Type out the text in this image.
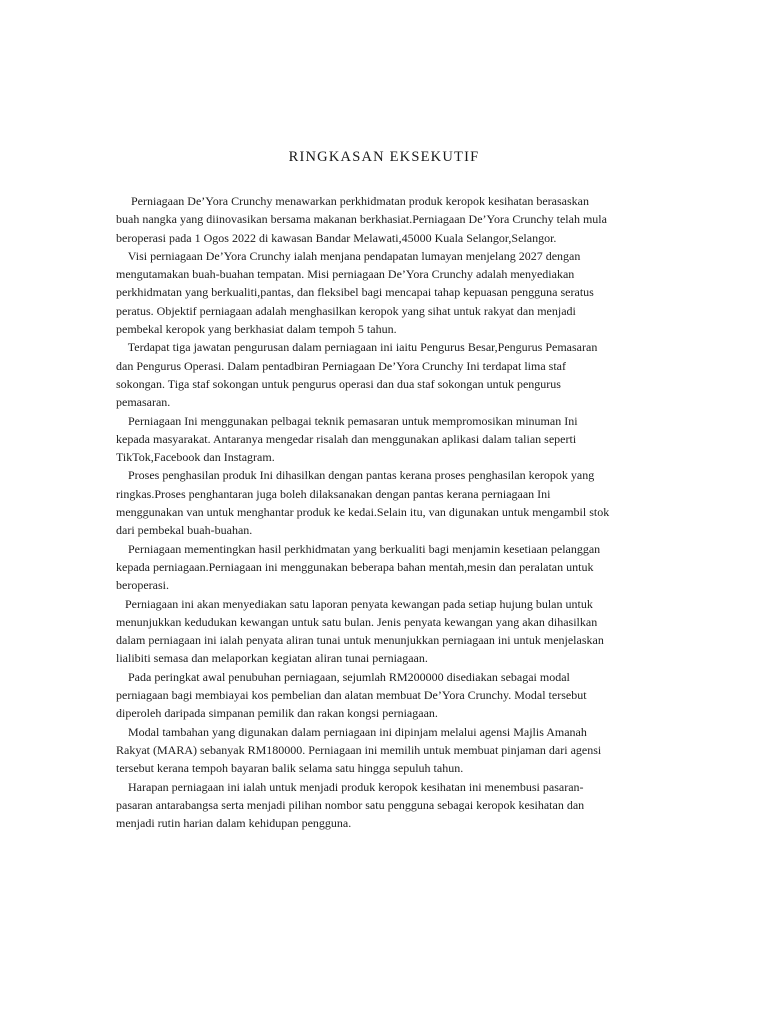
RINGKASAN EKSEKUTIF
Perniagaan De’Yora Crunchy menawarkan perkhidmatan produk keropok kesihatan berasaskan
buah nangka yang diinovasikan bersama makanan berkhasiat.Perniagaan De’Yora Crunchy telah mula
beroperasi pada 1 Ogos 2022 di kawasan Bandar Melawati,45000 Kuala Selangor,Selangor.
Visi perniagaan De’Yora Crunchy ialah menjana pendapatan lumayan menjelang 2027 dengan
mengutamakan buah-buahan tempatan. Misi perniagaan De’Yora Crunchy adalah menyediakan
perkhidmatan yang berkualiti,pantas, dan fleksibel bagi mencapai tahap kepuasan pengguna seratus
peratus. Objektif perniagaan adalah menghasilkan keropok yang sihat untuk rakyat dan menjadi
pembekal keropok yang berkhasiat dalam tempoh 5 tahun.
Terdapat tiga jawatan pengurusan dalam perniagaan ini iaitu Pengurus Besar,Pengurus Pemasaran
dan Pengurus Operasi. Dalam pentadbiran Perniagaan De’Yora Crunchy Ini terdapat lima staf
sokongan. Tiga staf sokongan untuk pengurus operasi dan dua staf sokongan untuk pengurus
pemasaran.
Perniagaan Ini menggunakan pelbagai teknik pemasaran untuk mempromosikan minuman Ini
kepada masyarakat. Antaranya mengedar risalah dan menggunakan aplikasi dalam talian seperti
TikTok,Facebook dan Instagram.
Proses penghasilan produk Ini dihasilkan dengan pantas kerana proses penghasilan keropok yang
ringkas.Proses penghantaran juga boleh dilaksanakan dengan pantas kerana perniagaan Ini
menggunakan van untuk menghantar produk ke kedai.Selain itu, van digunakan untuk mengambil stok
dari pembekal buah-buahan.
Perniagaan mementingkan hasil perkhidmatan yang berkualiti bagi menjamin kesetiaan pelanggan
kepada perniagaan.Perniagaan ini menggunakan beberapa bahan mentah,mesin dan peralatan untuk
beroperasi.
Perniagaan ini akan menyediakan satu laporan penyata kewangan pada setiap hujung bulan untuk
menunjukkan kedudukan kewangan untuk satu bulan. Jenis penyata kewangan yang akan dihasilkan
dalam perniagaan ini ialah penyata aliran tunai untuk menunjukkan perniagaan ini untuk menjelaskan
lialibiti semasa dan melaporkan kegiatan aliran tunai perniagaan.
Pada peringkat awal penubuhan perniagaan, sejumlah RM200000 disediakan sebagai modal
perniagaan bagi membiayai kos pembelian dan alatan membuat De’Yora Crunchy. Modal tersebut
diperoleh daripada simpanan pemilik dan rakan kongsi perniagaan.
Modal tambahan yang digunakan dalam perniagaan ini dipinjam melalui agensi Majlis Amanah
Rakyat (MARA) sebanyak RM180000. Perniagaan ini memilih untuk membuat pinjaman dari agensi
tersebut kerana tempoh bayaran balik selama satu hingga sepuluh tahun.
Harapan perniagaan ini ialah untuk menjadi produk keropok kesihatan ini menembusi pasaran-
pasaran antarabangsa serta menjadi pilihan nombor satu pengguna sebagai keropok kesihatan dan
menjadi rutin harian dalam kehidupan pengguna.
